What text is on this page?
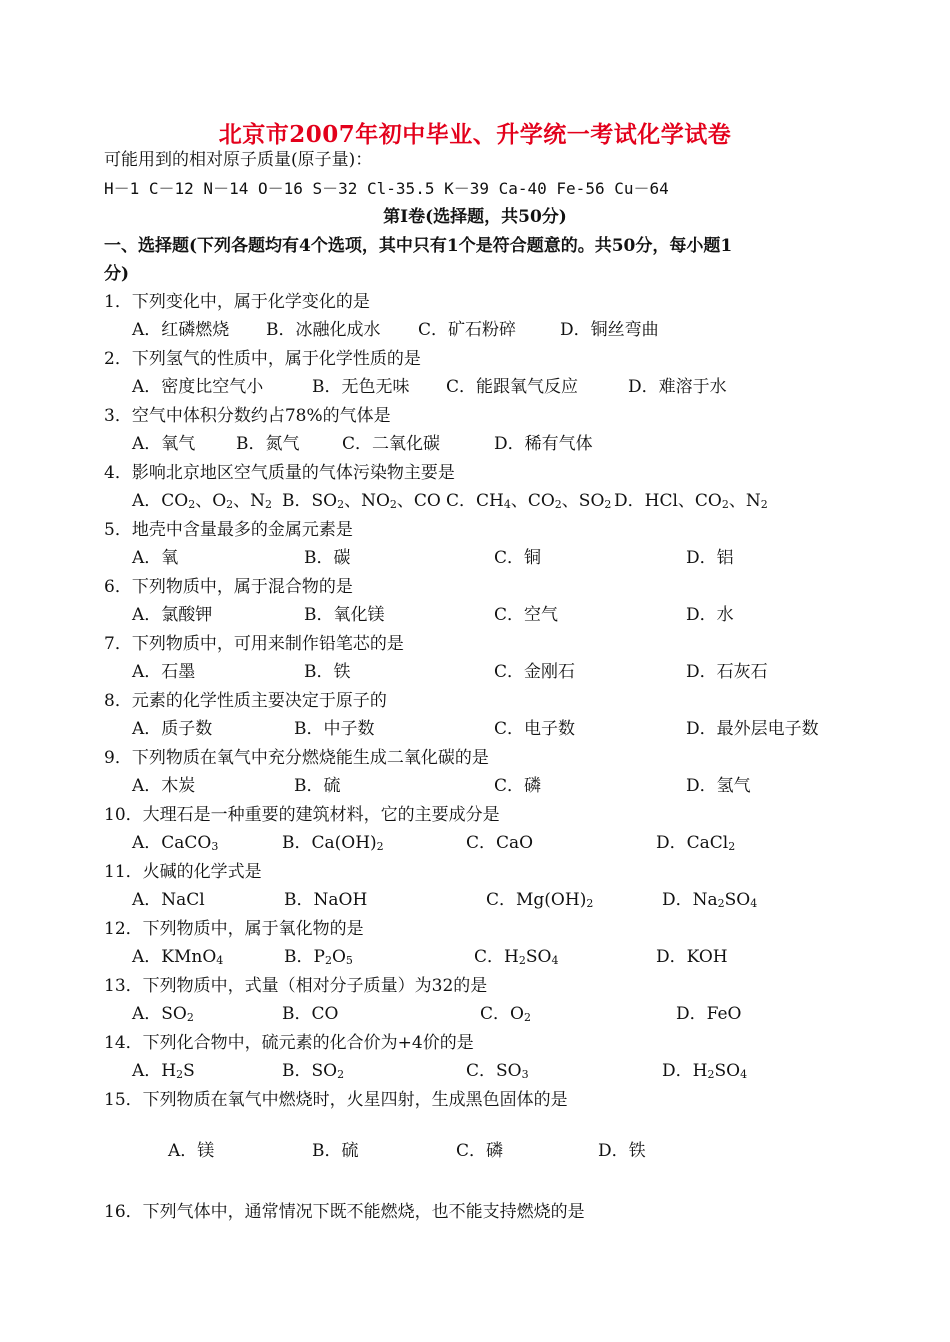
北京市2007年初中毕业、升学统一考试化学试卷
可能用到的相对原子质量(原子量)：
H－1 C－12 N－14 O－16 S－32 Cl-35.5 K－39 Ca-40 Fe-56 Cu－64
第Ⅰ卷(选择题，共50分)
一、选择题(下列各题均有4个选项，其中只有1个是符合题意的。共50分，每小题1
分)
1．下列变化中，属于化学变化的是
A．红磷燃烧 B．冰融化成水 C．矿石粉碎	D．铜丝弯曲
2．下列氢气的性质中，属于化学性质的是
A．密度比空气小	B．无色无味 C．能跟氧气反应	D．难溶于水
3．空气中体积分数约占78%的气体是
A．氧气 B．氮气	C．二氧化碳	D．稀有气体
4．影响北京地区空气质量的气体污染物主要是
A．$CO_2$、$O_2$、$N_2$ B．$SO_2$、$NO_2$、CO C．$CH_4$、$CO_2$、$SO_2$ D．HCl、$CO_2$、$N_2$
5．地壳中含量最多的金属元素是
A．氧	B．碳	C．铜	D．铝
6．下列物质中，属于混合物的是
A．氯酸钾	B．氧化镁	C．空气	D．水
7．下列物质中，可用来制作铅笔芯的是
A．石墨	B．铁	C．金刚石	D．石灰石
8．元素的化学性质主要决定于原子的
A．质子数	B．中子数	C．电子数	D．最外层电子数
9．下列物质在氧气中充分燃烧能生成二氧化碳的是
A．木炭	B．硫	C．磷	D．氢气
10．大理石是一种重要的建筑材料，它的主要成分是
A．CaCO$_3$	B．$Ca(OH)_2$	C．CaO	D．CaCl$_2$
11．火碱的化学式是
A．NaCl	B．NaOH	C．$Mg(OH)_2$	D．$Na_2SO_4$
12．下列物质中，属于氧化物的是
A．KMnO$_4$	B．$P_2O_5$	C．$H_2SO_4$	D．KOH
13．下列物质中，式量（相对分子质量）为32的是
A．$SO_2$	B．CO	C．$O_2$	D．FeO
14．下列化合物中，硫元素的化合价为+4价的是
A．$H_2S$	B．$SO_2$	C．$SO_3$	D．$H_2SO_4$
15．下列物质在氧气中燃烧时，火星四射，生成黑色固体的是
A．镁	B．硫	C．磷	D．铁
16．下列气体中，通常情况下既不能燃烧，也不能支持燃烧的是
